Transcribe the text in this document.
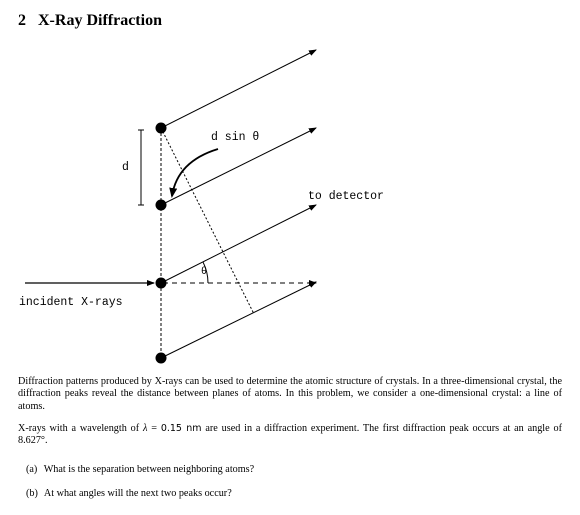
2 X-Ray Diffraction
d sin θ
d
to detector
θ
incident X-rays
Diffraction patterns produced by X-rays can be used to determine the atomic structure of crystals. In a three-dimensional crystal, the diffraction peaks reveal the distance between planes of atoms. In this problem, we consider a one-dimensional crystal: a line of atoms.
X-rays with a wavelength of λ = 0.15 nm are used in a diffraction experiment. The first diffraction peak occurs at an angle of 8.627°.
(a) What is the separation between neighboring atoms?
(b) At what angles will the next two peaks occur?
